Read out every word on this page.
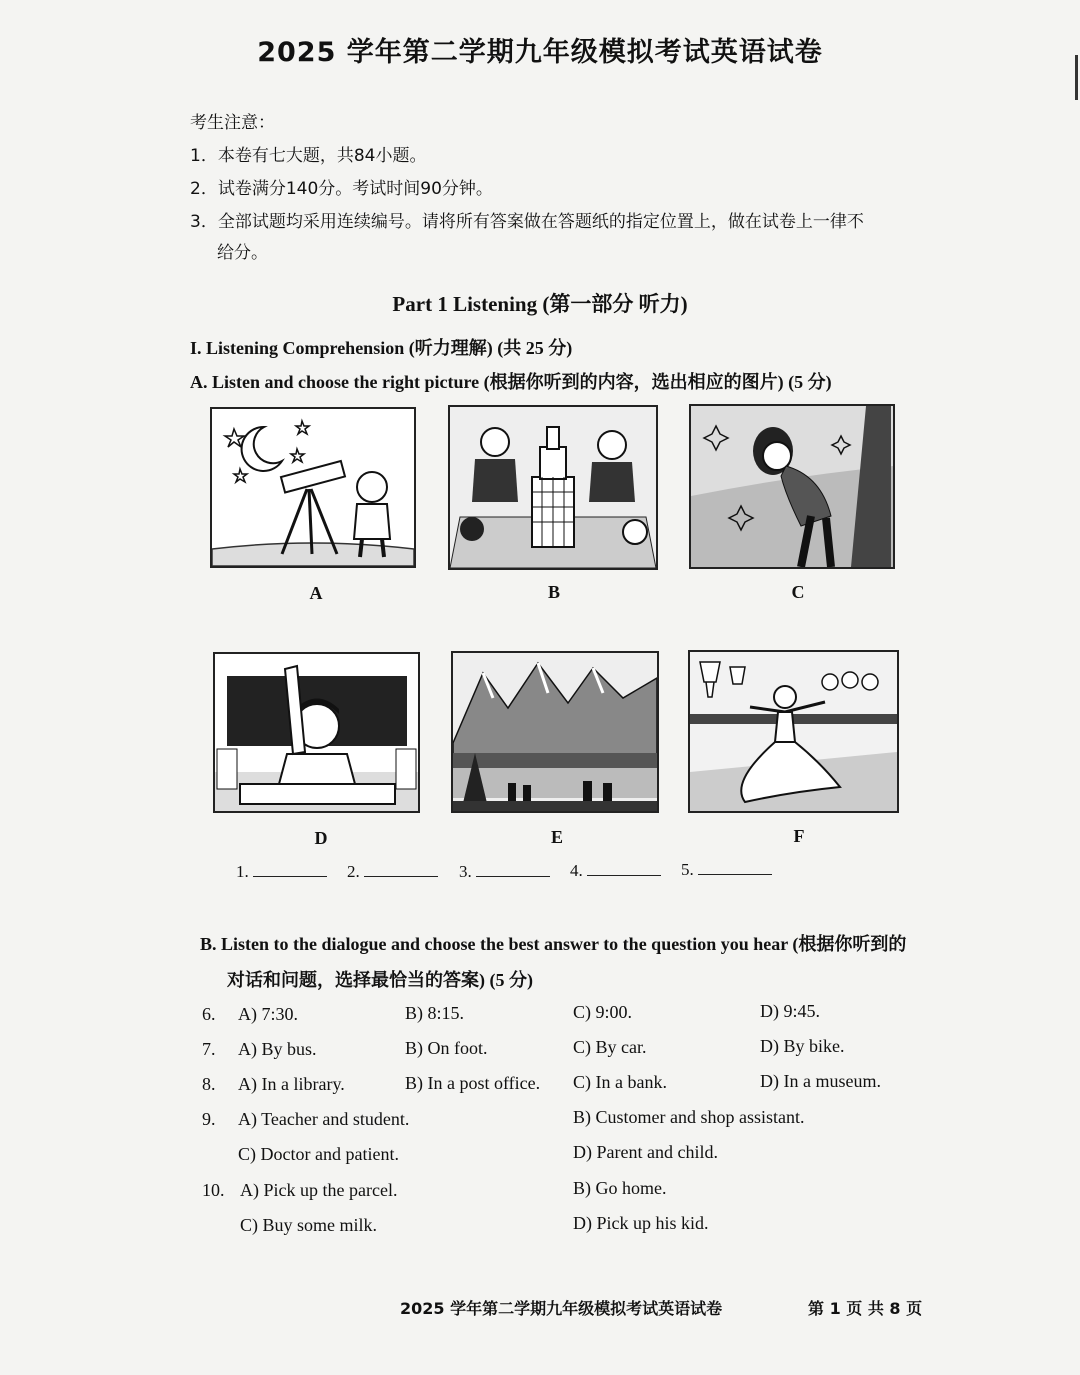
2025 学年第二学期九年级模拟考试英语试卷
考生注意：
1．本卷有七大题，共84小题。
2．试卷满分140分。考试时间90分钟。
3．全部试题均采用连续编号。请将所有答案做在答题纸的指定位置上，做在试卷上一律不
给分。
Part 1 Listening (第一部分 听力)
I. Listening Comprehension (听力理解) (共 25 分)
A. Listen and choose the right picture (根据你听到的内容，选出相应的图片) (5 分)
A	B	C
D	E	F
1.	2.	3.	4.	5.
B. Listen to the dialogue and choose the best answer to the question you hear (根据你听到的
对话和问题，选择最恰当的答案) (5 分)
6. A) 7:30.	B) 8:15.	C) 9:00.	D) 9:45.
7. A) By bus.	B) On foot.	C) By car.	D) By bike.
8. A) In a library.	B) In a post office. C) In a bank.	D) In a museum.
9. A) Teacher and student.	B) Customer and shop assistant.
C) Doctor and patient.	D) Parent and child.
10. A) Pick up the parcel.	B) Go home.
C) Buy some milk.	D) Pick up his kid.
2025 学年第二学期九年级模拟考试英语试卷	第 1 页 共 8 页
